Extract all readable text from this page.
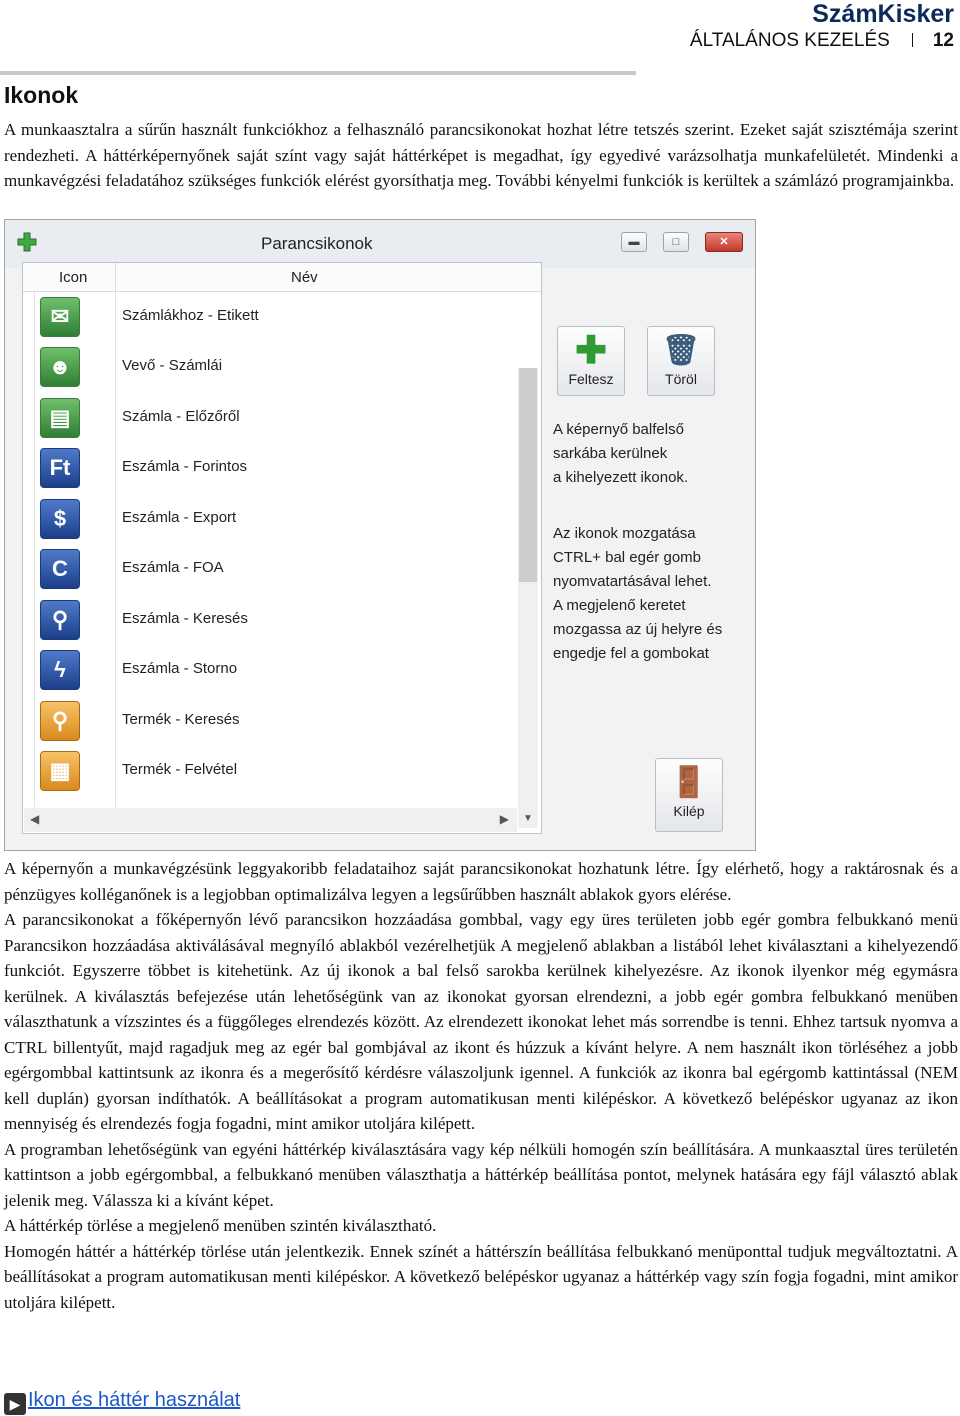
SzámKisker
ÁLTALÁNOS KEZELÉS 12
Ikonok

A munkaasztalra a sűrűn használt funkciókhoz a felhasználó parancsikonokat hozhat létre tetszés szerint. Ezeket saját szisztémája szerint rendezheti. A háttérképernyőnek saját színt vagy saját háttérképet is megadhat, így egyedivé varázsolhatja munkafelületét. Mindenki a munkavégzési feladatához szükséges funkciók elérést gyorsíthatja meg. További kényelmi funkciók is kerültek a számlázó programjainkba.

Parancsikonok	▬	□	✕
Icon	Név
✉	Számlákhoz - Etikett
☻	Vevő - Számlái
▤	Számla - Előzőről
Ft	Eszámla - Forintos
$	Eszámla - Export
C	Eszámla - FOA
⚲	Eszámla - Keresés
ϟ	Eszámla - Storno
⚲	Termék - Keresés
▦	Termék - Felvétel
◀	▶ ▼
✚
Feltesz
🗑
Töröl
A képernyő balfelső
sarkába kerülnek
a kihelyezett ikonok.
Az ikonok mozgatása
CTRL+ bal egér gomb
nyomvatartásával lehet.
A megjelenő keretet
mozgassa az új helyre és
engedje fel a gombokat
🚪
Kilép
A képernyőn a munkavégzésünk leggyakoribb feladataihoz saját parancsikonokat hozhatunk létre. Így elérhető, hogy a raktárosnak és a pénzügyes kolléganőnek is a legjobban optimalizálva legyen a legsűrűbben használt ablakok gyors elérése.
A parancsikonokat a főképernyőn lévő parancsikon hozzáadása gombbal, vagy egy üres területen jobb egér gombra felbukkanó menü Parancsikon hozzáadása aktiválásával megnyíló ablakból vezérelhetjük A megjelenő ablakban a listából lehet kiválasztani a kihelyezendő funkciót. Egyszerre többet is kitehetünk. Az új ikonok a bal felső sarokba kerülnek kihelyezésre. Az ikonok ilyenkor még egymásra kerülnek. A kiválasztás befejezése után lehetőségünk van az ikonokat gyorsan elrendezni, a jobb egér gombra felbukkanó menüben választhatunk a vízszintes és a függőleges elrendezés között. Az elrendezett ikonokat lehet más sorrendbe is tenni. Ehhez tartsuk nyomva a CTRL billentyűt, majd ragadjuk meg az egér bal gombjával az ikont és húzzuk a kívánt helyre. A nem használt ikon törléséhez a jobb egérgombbal kattintsunk az ikonra és a megerősítő kérdésre válaszoljunk igennel. A funkciók az ikonra bal egérgomb kattintással (NEM kell duplán) gyorsan indíthatók. A beállításokat a program automatikusan menti kilépéskor. A következő belépéskor ugyanaz az ikon mennyiség és elrendezés fogja fogadni, mint amikor utoljára kilépett.
A programban lehetőségünk van egyéni háttérkép kiválasztására vagy kép nélküli homogén szín beállítására. A munkaasztal üres területén kattintson a jobb egérgombbal, a felbukkanó menüben választhatja a háttérkép beállítása pontot, melynek hatására egy fájl választó ablak jelenik meg. Válassza ki a kívánt képet.
A háttérkép törlése a megjelenő menüben szintén kiválasztható.
Homogén háttér a háttérkép törlése után jelentkezik. Ennek színét a háttérszín beállítása felbukkanó menüponttal tudjuk megváltoztatni. A beállításokat a program automatikusan menti kilépéskor. A következő belépéskor ugyanaz a háttérkép vagy szín fogja fogadni, mint amikor utoljára kilépett.
▶ Ikon és háttér használat
